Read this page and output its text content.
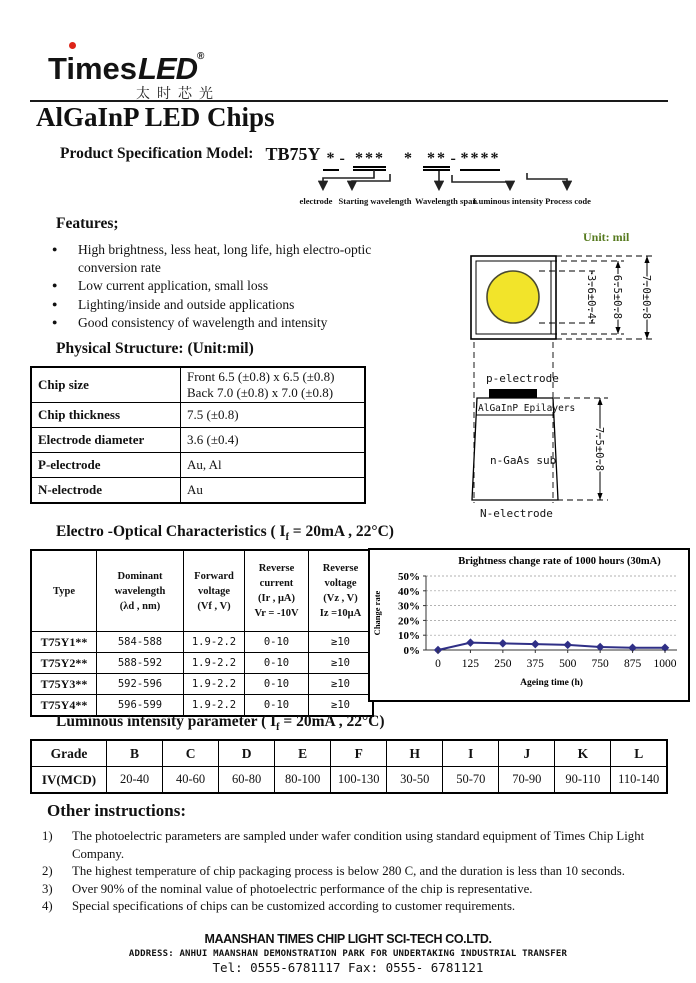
TimesLED®
太时芯光
AlGaInP LED Chips
Product Specification Model: TB75Y * - *** * ** - ****
electrode Starting wavelength Wavelength span
Luminous intensity Process code
Features;
●	High brightness, less heat, long life, high electro-optic conversion rate
●	Low current application, small loss
●	Lighting/inside and outside applications
●	Good consistency of wavelength and intensity
Unit: mil
3.6±0.4 6.5±0.8 7.0±0.8
7.5±0.8
p-electrode
AlGaInP Epilayers
n-GaAs sub
N-electrode
Physical Structure: (Unit:mil)
Chip size	Front 6.5 (±0.8) x 6.5 (±0.8)
Back 7.0 (±0.8) x 7.0 (±0.8)

Chip thickness	7.5 (±0.8)
Electrode diameter	3.6 (±0.4)
P-electrode	Au, Al
N-electrode	Au
Electro -Optical Characteristics ( $I_f = 20mA$ , 22°C)
Type

Dominant
wavelength
(λd , nm)

Forward
voltage
(Vf , V)

Reverse
current
(Ir , μA)
Vr = -10V

Reverse
voltage
(Vz , V)
Iz =10μA

T75Y1**	584-588	1.9-2.2	0-10	≥10
T75Y2**	588-592	1.9-2.2	0-10	≥10
T75Y3**	592-596	1.9-2.2	0-10	≥10
T75Y4**	596-599	1.9-2.2	0-10	≥10
0%
10%
20%
30%
40%
50%
0 125 250 375 500 750 875 1000
Brightness change rate of 1000 hours (30mA)
Ageing time (h)
Change rate
Luminous intensity parameter ( $I_f = 20mA$ , 22°C)
Grade	B	C	D	E	F	H	I	J	K	L
IV(MCD)	20-40	40-60	60-80	80-100	100-130	30-50	50-70	70-90	90-110	110-140
Other instructions:
1)	The photoelectric parameters are sampled under wafer condition using standard equipment of Times Chip Light Company.
2)	The highest temperature of chip packaging process is below 280 C, and the duration is less than 10 seconds.
3)	Over 90% of the nominal value of photoelectric performance of the chip is representative.
4)	Special specifications of chips can be customized according to customer requirements.
MAANSHAN TIMES CHIP LIGHT SCI-TECH CO.LTD.
ADDRESS: ANHUI MAANSHAN DEMONSTRATION PARK FOR UNDERTAKING INDUSTRIAL TRANSFER
Tel: 0555-6781117 Fax: 0555- 6781121
